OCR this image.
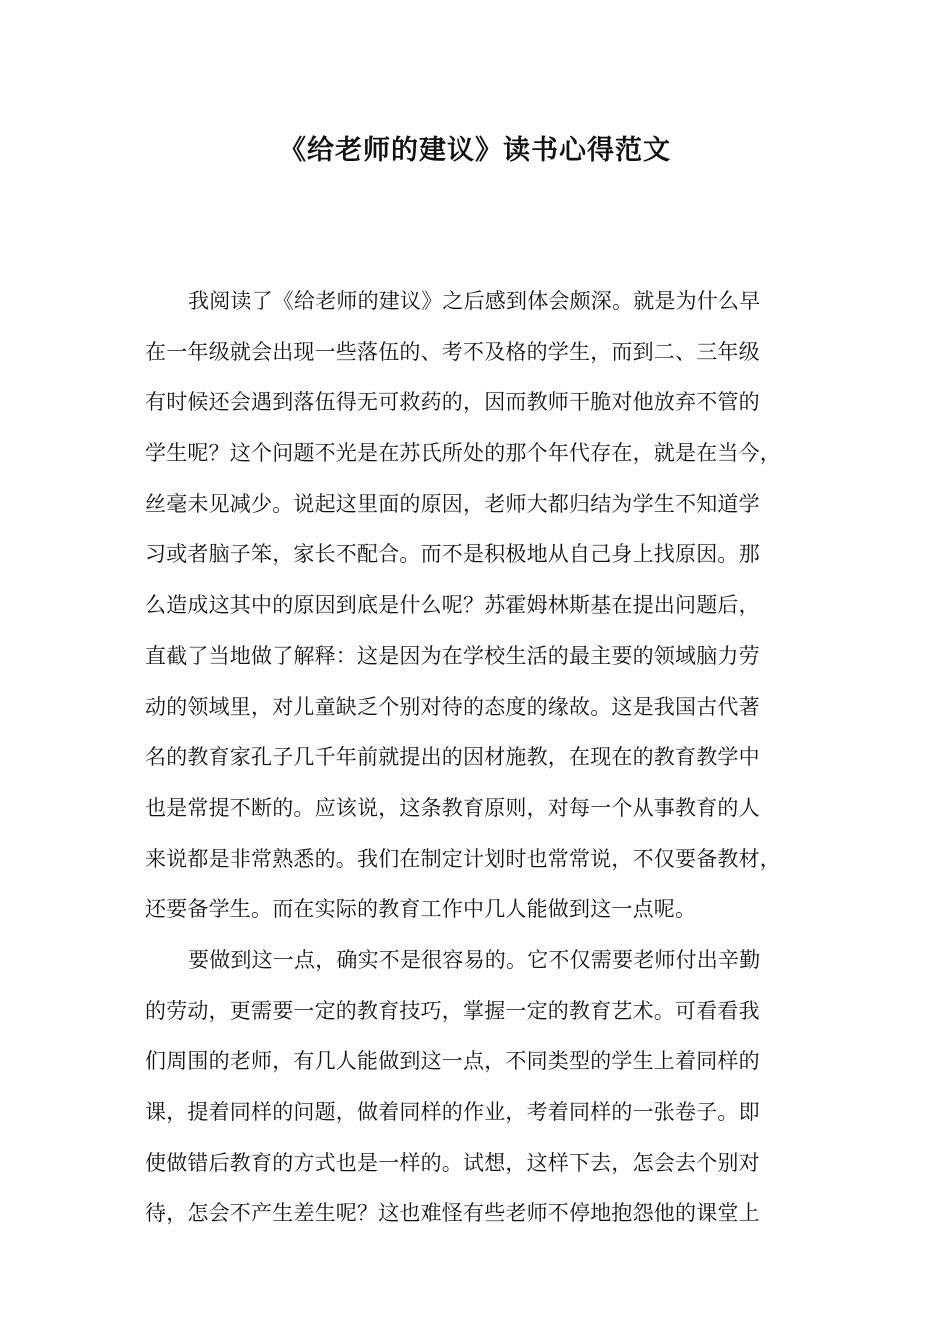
《给老师的建议》读书心得范文
我阅读了《给老师的建议》之后感到体会颇深。就是为什么早
在一年级就会出现一些落伍的、考不及格的学生，而到二、三年级
有时候还会遇到落伍得无可救药的，因而教师干脆对他放弃不管的
学生呢？这个问题不光是在苏氏所处的那个年代存在，就是在当今，
丝毫未见减少。说起这里面的原因，老师大都归结为学生不知道学
习或者脑子笨，家长不配合。而不是积极地从自己身上找原因。那
么造成这其中的原因到底是什么呢？苏霍姆林斯基在提出问题后，
直截了当地做了解释：这是因为在学校生活的最主要的领域脑力劳
动的领域里，对儿童缺乏个别对待的态度的缘故。这是我国古代著
名的教育家孔子几千年前就提出的因材施教，在现在的教育教学中
也是常提不断的。应该说，这条教育原则，对每一个从事教育的人
来说都是非常熟悉的。我们在制定计划时也常常说，不仅要备教材，
还要备学生。而在实际的教育工作中几人能做到这一点呢。
要做到这一点，确实不是很容易的。它不仅需要老师付出辛勤
的劳动，更需要一定的教育技巧，掌握一定的教育艺术。可看看我
们周围的老师，有几人能做到这一点，不同类型的学生上着同样的
课，提着同样的问题，做着同样的作业，考着同样的一张卷子。即
使做错后教育的方式也是一样的。试想，这样下去，怎会去个别对
待，怎会不产生差生呢？这也难怪有些老师不停地抱怨他的课堂上
